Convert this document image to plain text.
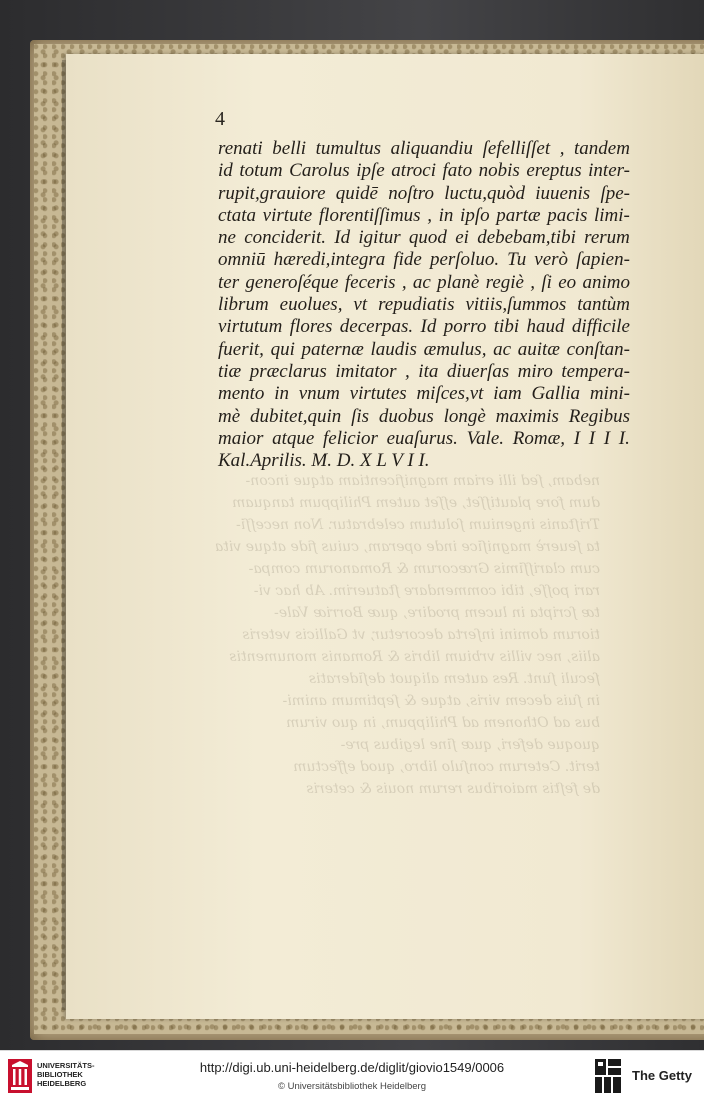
nebam, ſed illi eriam magnificentiam atque incon-
dum fore plautiſſet, eſſet autem Philippum tanquam
Triſtanis ingenium ſolutum celebratur. Non neceſſi-
ta ſeuerè magniſice inde operam, cuius fide atque vita
cum clariſſimis Græcorum & Romanorum compa-
rari poſſe, tibi commendare ſtatuerim. Ab hac vi-
tæ ſcripta in lucem prodire, quæ Borriæ Vale-
tiorum domini inſerta decoretur, vt Gallicis veteris
aliis, nec villis vrbium libris & Romanis monumentis
ſeculi ſunt. Res autem aliquot deſideratis
in ſuis decem viris, atque & ſeptimum animi-
bus ad Othonem ad Philippum, in quo virum
quoque deferi, quæ ſine legibus pre-
terit. Ceterum conſulo libro, quod effectum
de feſtis maioribus rerum nouis & ceteris
4
renati belli tumultus aliquandiu ſefelliſſet , tandem
id totum Carolus ipſe atroci fato nobis ereptus inter-
rupit,grauiore quidē noſtro luctu,quòd iuuenis ſpe-
ctata virtute florentiſſimus , in ipſo partæ pacis limi-
ne conciderit. Id igitur quod ei debebam,tibi rerum
omniū hæredi,integra fide perſoluo. Tu verò ſapien-
ter generoſéque feceris , ac planè regiè , ſi eo animo
librum euolues, vt repudiatis vitiis,ſummos tantùm
virtutum flores decerpas. Id porro tibi haud difficile
fuerit, qui paternæ laudis æmulus, ac auitæ conſtan-
tiæ præclarus imitator , ita diuerſas miro tempera-
mento in vnum virtutes miſces,vt iam Gallia mini-
mè dubitet,quin ſis duobus longè maximis Regibus
maior atque felicior euaſurus. Vale. Romæ, I I I I.
Kal.Aprilis. M. D. X L V I I.
UNIVERSITÄTS-
BIBLIOTHEK
HEIDELBERG
http://digi.ub.uni-heidelberg.de/diglit/giovio1549/0006
© Universitätsbibliothek Heidelberg
The Getty
